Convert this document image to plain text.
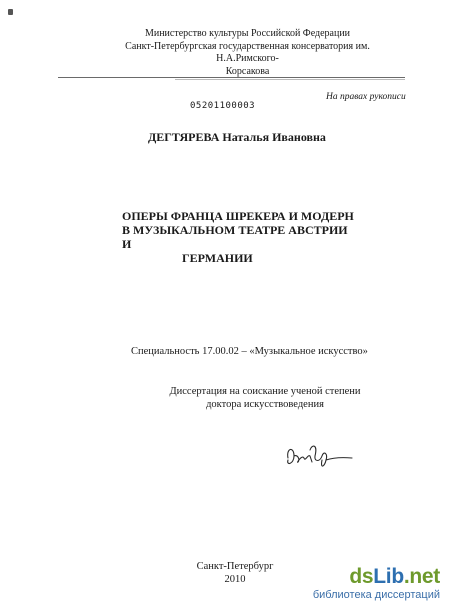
Министерство культуры Российской Федерации
Санкт-Петербургская государственная консерватория им. Н.А.Римского-
Корсакова
На правах рукописи
05201100003
ДЕГТЯРЕВА Наталья Ивановна
ОПЕРЫ ФРАНЦА ШРЕКЕРА И МОДЕРН
В МУЗЫКАЛЬНОМ ТЕАТРЕ АВСТРИИ И
ГЕРМАНИИ
Специальность 17.00.02 – «Музыкальное искусство»
Диссертация на соискание ученой степени
доктора искусствоведения
Санкт-Петербург
2010	dsLib.net
библиотека диссертаций
